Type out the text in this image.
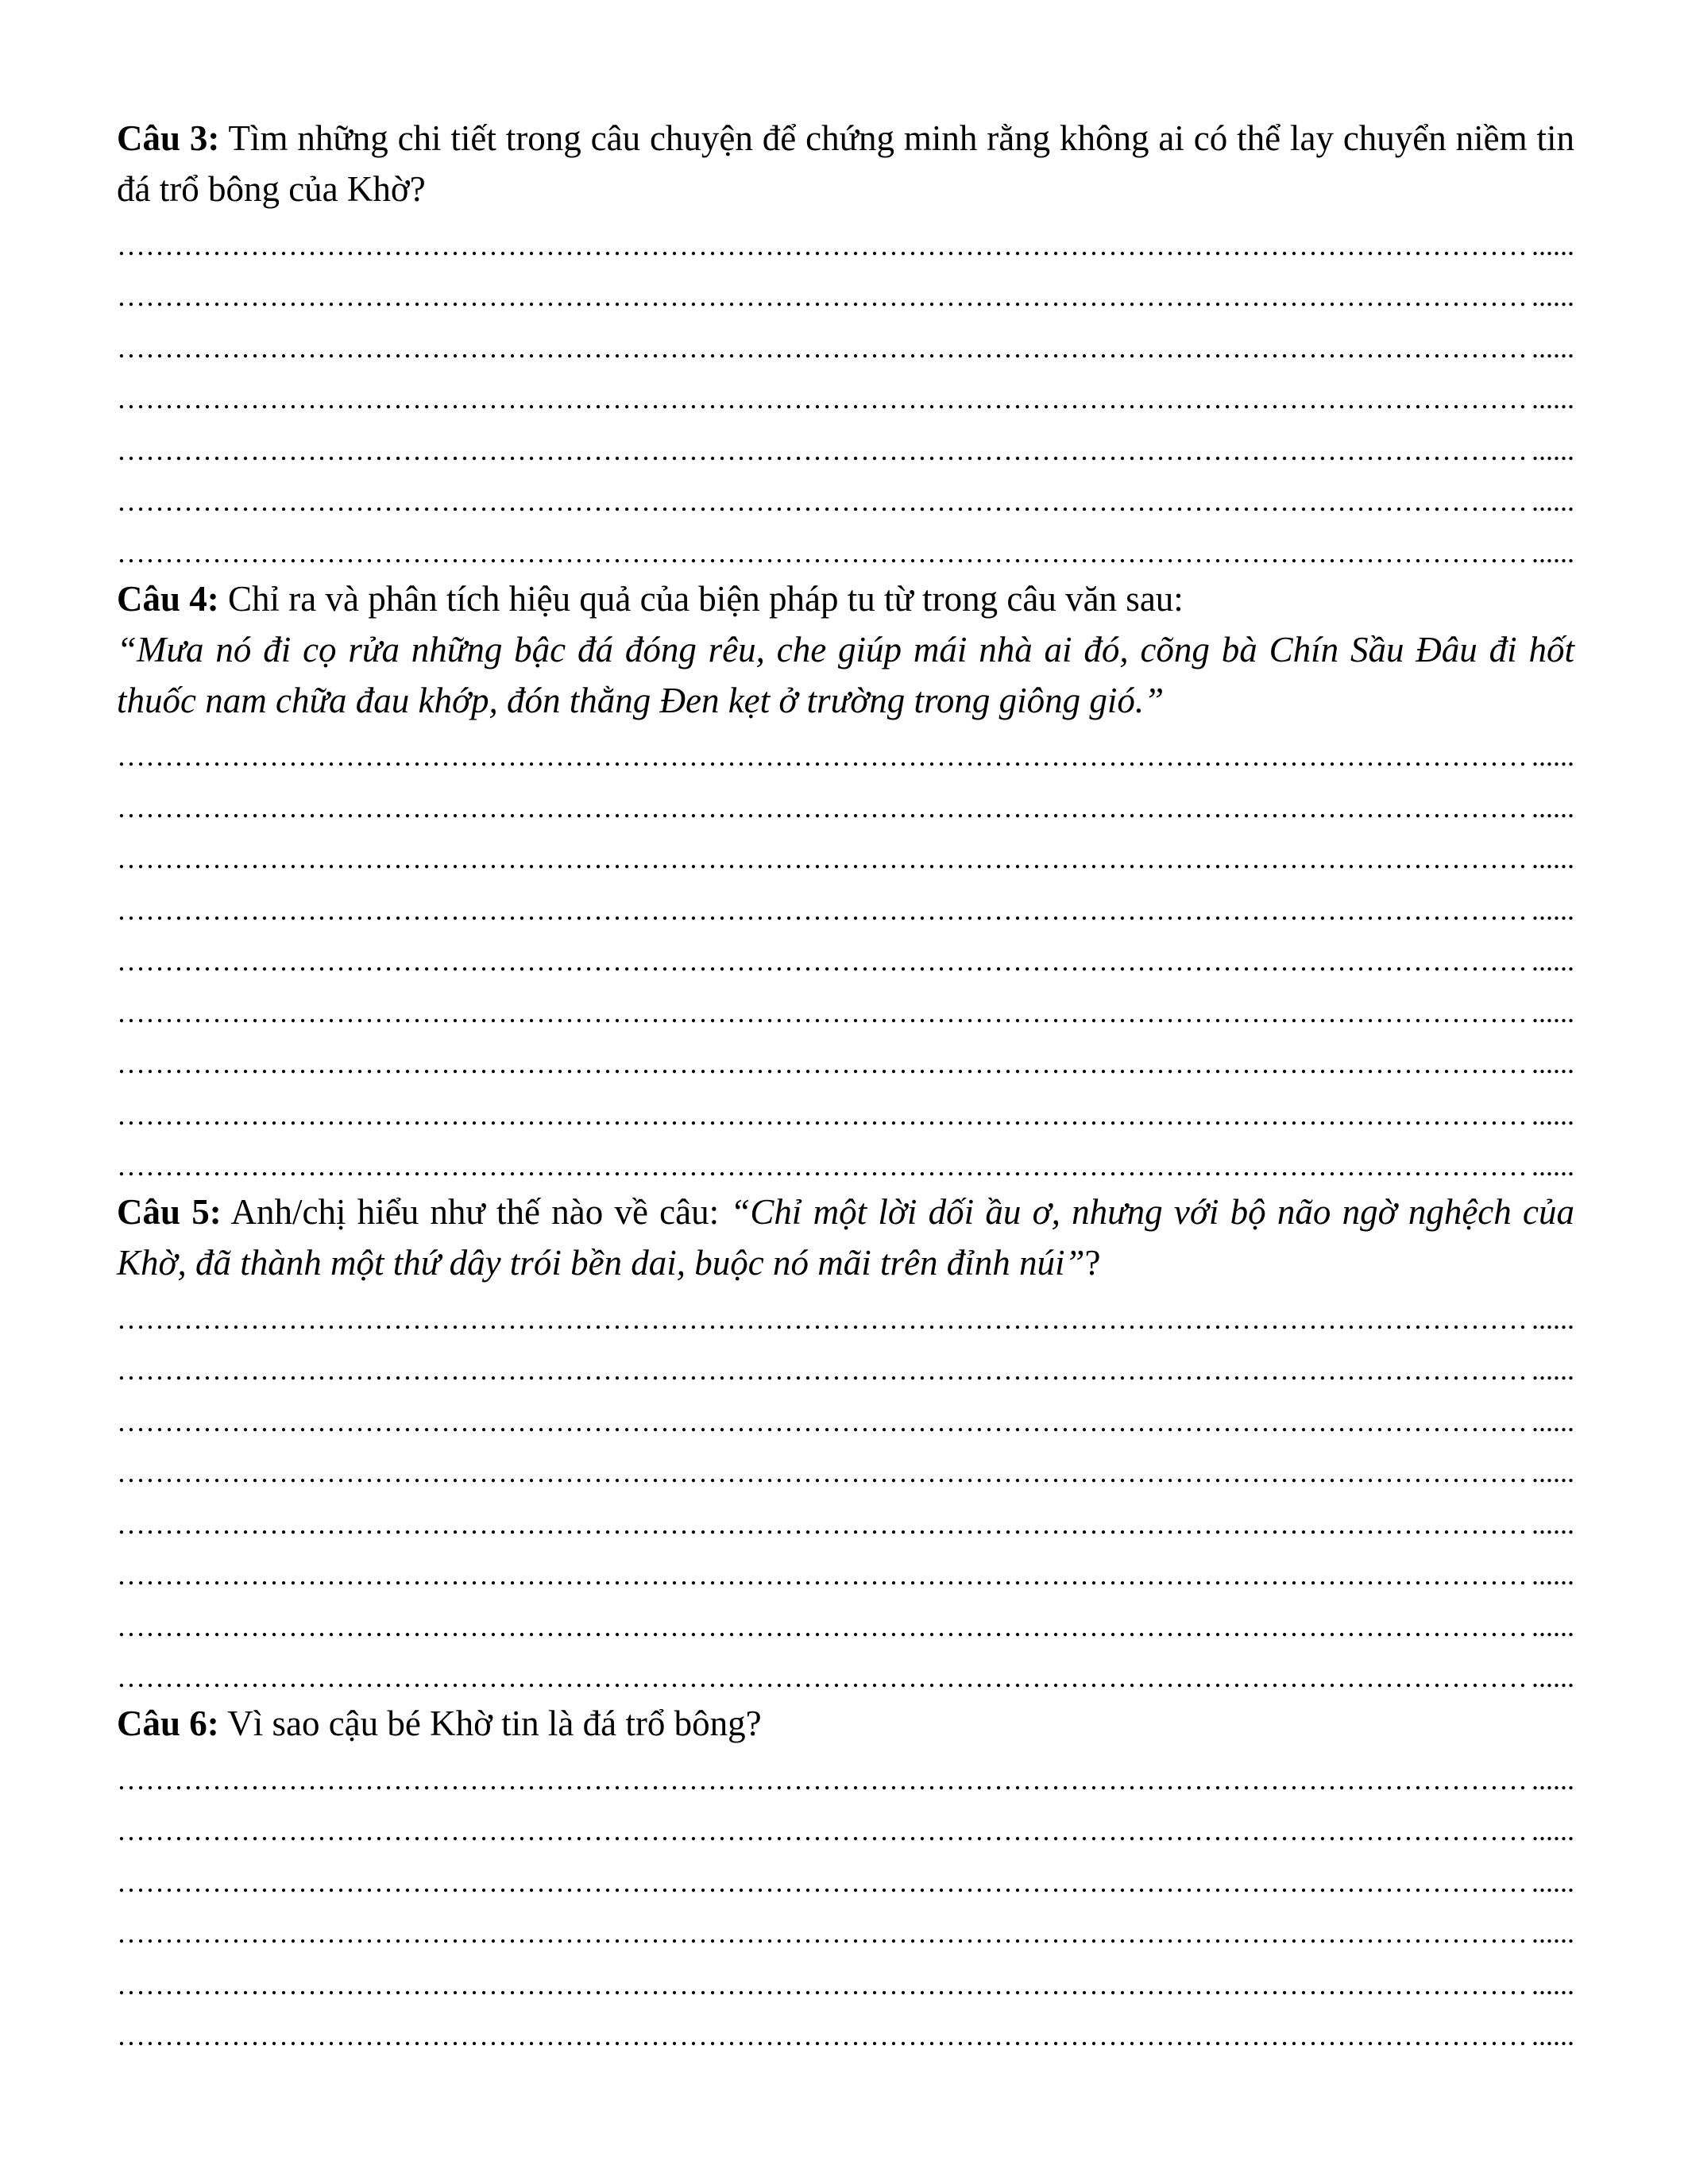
Câu 3: Tìm những chi tiết trong câu chuyện để chứng minh rằng không ai có thể lay chuyển niềm tin đá trổ bông của Khờ?

……………………………………………………………………………………………………………………………………………………………………………………………………………………………………………………………………………………………
......
……………………………………………………………………………………………………………………………………………………………………………………………………………………………………………………………………………………………
......
……………………………………………………………………………………………………………………………………………………………………………………………………………………………………………………………………………………………
......
……………………………………………………………………………………………………………………………………………………………………………………………………………………………………………………………………………………………
......
……………………………………………………………………………………………………………………………………………………………………………………………………………………………………………………………………………………………
......
……………………………………………………………………………………………………………………………………………………………………………………………………………………………………………………………………………………………
......
……………………………………………………………………………………………………………………………………………………………………………………………………………………………………………………………………………………………
......

Câu 4: Chỉ ra và phân tích hiệu quả của biện pháp tu từ trong câu văn sau:

“Mưa nó đi cọ rửa những bậc đá đóng rêu, che giúp mái nhà ai đó, cõng bà Chín Sầu Đâu đi hốt thuốc nam chữa đau khớp, đón thằng Đen kẹt ở trường trong giông gió.”

……………………………………………………………………………………………………………………………………………………………………………………………………………………………………………………………………………………………
......
……………………………………………………………………………………………………………………………………………………………………………………………………………………………………………………………………………………………
......
……………………………………………………………………………………………………………………………………………………………………………………………………………………………………………………………………………………………
......
……………………………………………………………………………………………………………………………………………………………………………………………………………………………………………………………………………………………
......
……………………………………………………………………………………………………………………………………………………………………………………………………………………………………………………………………………………………
......
……………………………………………………………………………………………………………………………………………………………………………………………………………………………………………………………………………………………
......
……………………………………………………………………………………………………………………………………………………………………………………………………………………………………………………………………………………………
......
……………………………………………………………………………………………………………………………………………………………………………………………………………………………………………………………………………………………
......
……………………………………………………………………………………………………………………………………………………………………………………………………………………………………………………………………………………………
......

Câu 5: Anh/chị hiểu như thế nào về câu: “Chỉ một lời dối ầu ơ, nhưng với bộ não ngờ nghệch của Khờ, đã thành một thứ dây trói bền dai, buộc nó mãi trên đỉnh núi”?

……………………………………………………………………………………………………………………………………………………………………………………………………………………………………………………………………………………………
......
……………………………………………………………………………………………………………………………………………………………………………………………………………………………………………………………………………………………
......
……………………………………………………………………………………………………………………………………………………………………………………………………………………………………………………………………………………………
......
……………………………………………………………………………………………………………………………………………………………………………………………………………………………………………………………………………………………
......
……………………………………………………………………………………………………………………………………………………………………………………………………………………………………………………………………………………………
......
……………………………………………………………………………………………………………………………………………………………………………………………………………………………………………………………………………………………
......
……………………………………………………………………………………………………………………………………………………………………………………………………………………………………………………………………………………………
......
……………………………………………………………………………………………………………………………………………………………………………………………………………………………………………………………………………………………
......

Câu 6: Vì sao cậu bé Khờ tin là đá trổ bông?

……………………………………………………………………………………………………………………………………………………………………………………………………………………………………………………………………………………………
......
……………………………………………………………………………………………………………………………………………………………………………………………………………………………………………………………………………………………
......
……………………………………………………………………………………………………………………………………………………………………………………………………………………………………………………………………………………………
......
……………………………………………………………………………………………………………………………………………………………………………………………………………………………………………………………………………………………
......
……………………………………………………………………………………………………………………………………………………………………………………………………………………………………………………………………………………………
......
……………………………………………………………………………………………………………………………………………………………………………………………………………………………………………………………………………………………
......
